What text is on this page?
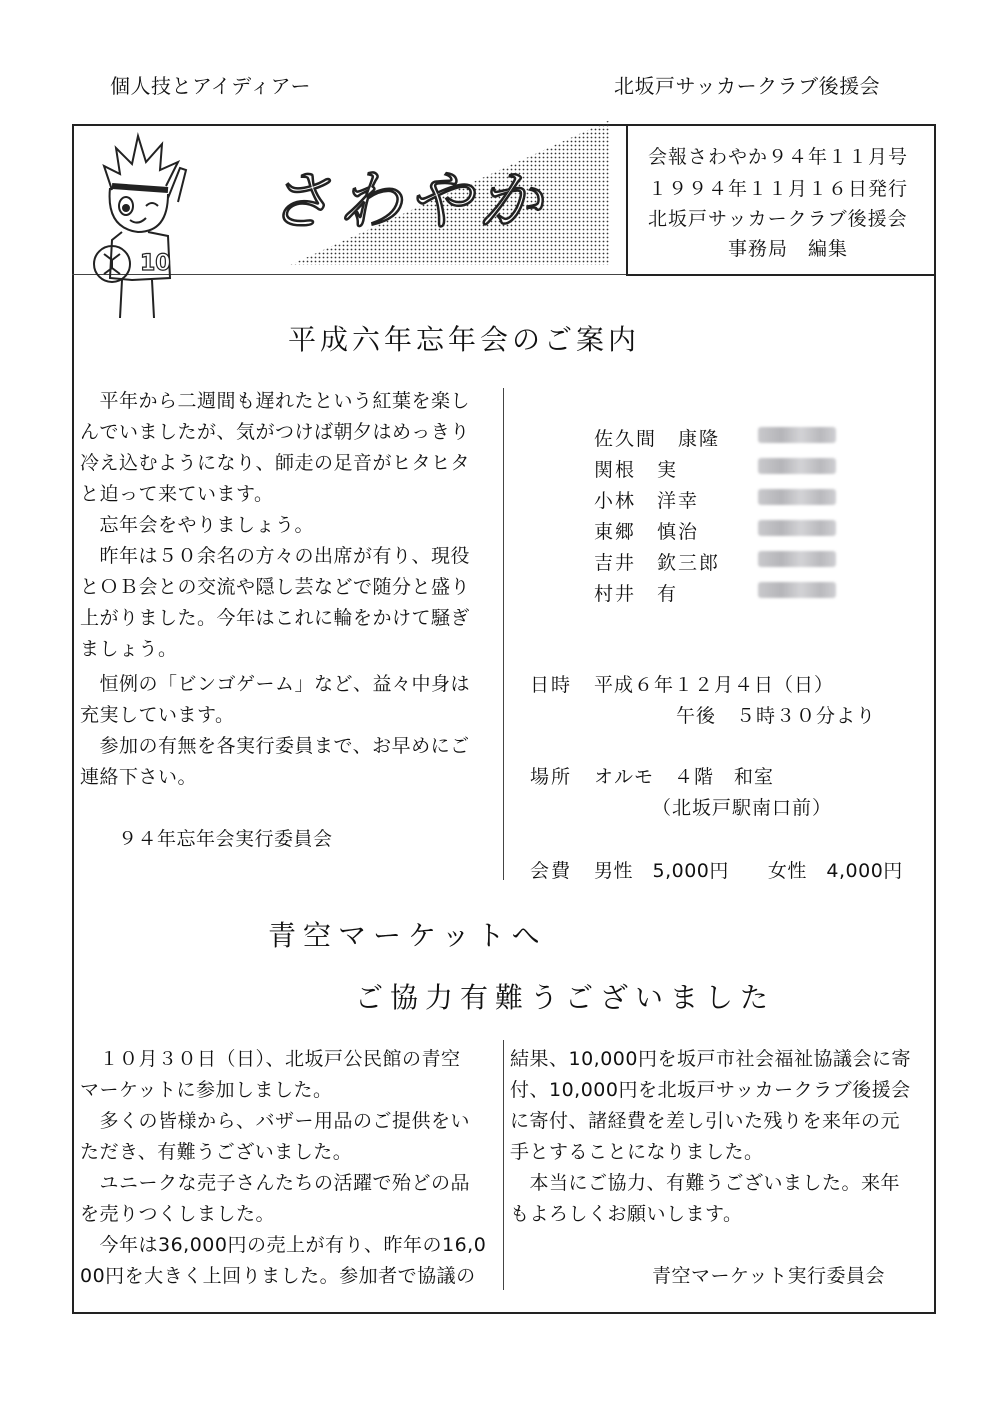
個人技とアイディアー	北坂戸サッカークラブ後援会
さわやか
10
会報さわやか９４年１１月号
１９９４年１１月１６日発行
北坂戸サッカークラブ後援会
事務局　編集
平成六年忘年会のご案内
　平年から二週間も遅れたという紅葉を楽し
んでいましたが、気がつけば朝夕はめっきり
冷え込むようになり、師走の足音がヒタヒタ
と迫って来ています。
　忘年会をやりましょう。
　昨年は５０余名の方々の出席が有り、現役
とＯＢ会との交流や隠し芸などで随分と盛り
上がりました。今年はこれに輪をかけて騒ぎ
ましょう。
　恒例の「ビンゴゲーム」など、益々中身は
充実しています。
　参加の有無を各実行委員まで、お早めにご
連絡下さい。
９４年忘年会実行委員会
佐久間　康隆
関根　実
小林　洋幸
東郷　慎治
吉井　欽三郎
村井　有
日時 平成６年１２月４日（日）
午後　５時３０分より
場所 オルモ　４階　和室
（北坂戸駅南口前）
会費 男性　5,000円　　女性　4,000円
青空マーケットへ
ご協力有難うございました
　１０月３０日（日）、北坂戸公民館の青空
マーケットに参加しました。
　多くの皆様から、バザー用品のご提供をい
ただき、有難うございました。
　ユニークな売子さんたちの活躍で殆どの品
を売りつくしました。
　今年は36,000円の売上が有り、昨年の16,0
00円を大きく上回りました。参加者で協議の
結果、10,000円を坂戸市社会福祉協議会に寄
付、10,000円を北坂戸サッカークラブ後援会
に寄付、諸経費を差し引いた残りを来年の元
手とすることになりました。
　本当にご協力、有難うございました。来年
もよろしくお願いします。
青空マーケット実行委員会
